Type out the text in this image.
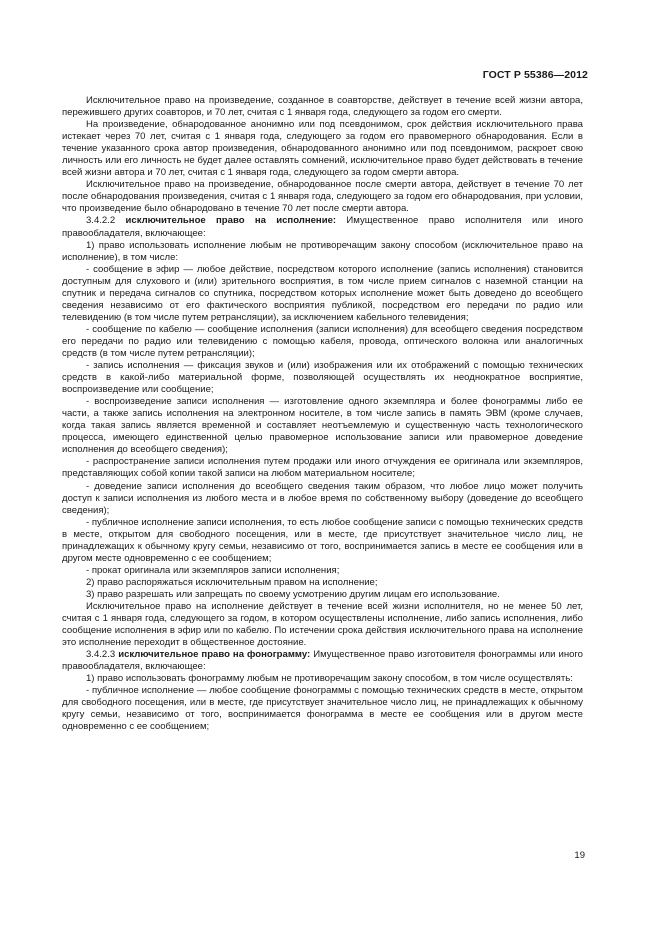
ГОСТ Р 55386—2012

Исключительное право на произведение, созданное в соавторстве, действует в течение всей жизни автора, пережившего других соавторов, и 70 лет, считая с 1 января года, следующего за годом его смерти.

На произведение, обнародованное анонимно или под псевдонимом, срок действия исключительного права истекает через 70 лет, считая с 1 января года, следующего за годом его правомерного обнародования. Если в течение указанного срока автор произведения, обнародованного анонимно или под псевдонимом, раскроет свою личность или его личность не будет далее оставлять сомнений, исключительное право будет действовать в течение всей жизни автора и 70 лет, считая с 1 января года, следующего за годом смерти автора.

Исключительное право на произведение, обнародованное после смерти автора, действует в течение 70 лет после обнародования произведения, считая с 1 января года, следующего за годом его обнародования, при условии, что произведение было обнародовано в течение 70 лет после смерти автора.

3.4.2.2 исключительное право на исполнение: Имущественное право исполнителя или иного правообладателя, включающее:

1) право использовать исполнение любым не противоречащим закону способом (исключительное право на исполнение), в том числе:

- сообщение в эфир — любое действие, посредством которого исполнение (запись исполнения) становится доступным для слухового и (или) зрительного восприятия, в том числе прием сигналов с наземной станции на спутник и передача сигналов со спутника, посредством которых исполнение может быть доведено до всеобщего сведения независимо от его фактического восприятия публикой, посредством его передачи по радио или телевидению (в том числе путем ретрансляции), за исключением кабельного телевидения;

- сообщение по кабелю — сообщение исполнения (записи исполнения) для всеобщего сведения посредством его передачи по радио или телевидению с помощью кабеля, провода, оптического волокна или аналогичных средств (в том числе путем ретрансляции);

- запись исполнения — фиксация звуков и (или) изображения или их отображений с помощью технических средств в какой-либо материальной форме, позволяющей осуществлять их неоднократное восприятие, воспроизведение или сообщение;

- воспроизведение записи исполнения — изготовление одного экземпляра и более фонограммы либо ее части, а также запись исполнения на электронном носителе, в том числе запись в память ЭВМ (кроме случаев, когда такая запись является временной и составляет неотъемлемую и существенную часть технологического процесса, имеющего единственной целью правомерное использование записи или правомерное доведение исполнения до всеобщего сведения);

- распространение записи исполнения путем продажи или иного отчуждения ее оригинала или экземпляров, представляющих собой копии такой записи на любом материальном носителе;

- доведение записи исполнения до всеобщего сведения таким образом, что любое лицо может получить доступ к записи исполнения из любого места и в любое время по собственному выбору (доведение до всеобщего сведения);

- публичное исполнение записи исполнения, то есть любое сообщение записи с помощью технических средств в месте, открытом для свободного посещения, или в месте, где присутствует значительное число лиц, не принадлежащих к обычному кругу семьи, независимо от того, воспринимается запись в месте ее сообщения или в другом месте одновременно с ее сообщением;

- прокат оригинала или экземпляров записи исполнения;

2) право распоряжаться исключительным правом на исполнение;

3) право разрешать или запрещать по своему усмотрению другим лицам его использование.

Исключительное право на исполнение действует в течение всей жизни исполнителя, но не менее 50 лет, считая с 1 января года, следующего за годом, в котором осуществлены исполнение, либо запись исполнения, либо сообщение исполнения в эфир или по кабелю. По истечении срока действия исключительного права на исполнение это исполнение переходит в общественное достояние.

3.4.2.3 исключительное право на фонограмму: Имущественное право изготовителя фонограммы или иного правообладателя, включающее:

1) право использовать фонограмму любым не противоречащим закону способом, в том числе осуществлять:

- публичное исполнение — любое сообщение фонограммы с помощью технических средств в месте, открытом для свободного посещения, или в месте, где присутствует значительное число лиц, не принадлежащих к обычному кругу семьи, независимо от того, воспринимается фонограмма в месте ее сообщения или в другом месте одновременно с ее сообщением;

19
